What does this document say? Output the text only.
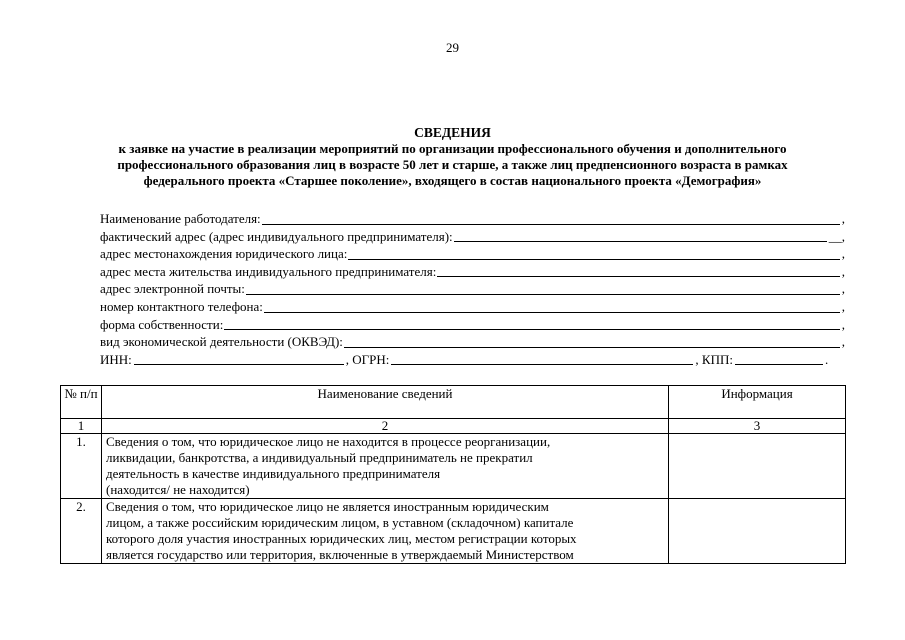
29
СВЕДЕНИЯ
к заявке на участие в реализации мероприятий по организации профессионального обучения и дополнительного
профессионального образования лиц в возрасте 50 лет и старше, а также лиц предпенсионного возраста в рамках
федерального проекта «Старшее поколение», входящего в состав национального проекта «Демография»
Наименование работодателя:	,
фактический адрес (адрес индивидуального предпринимателя):	__,
адрес местонахождения юридического лица:	,
адрес места жительства индивидуального предпринимателя:	,
адрес электронной почты:	,
номер контактного телефона:	,
форма собственности:	,
вид экономической деятельности (ОКВЭД):	,
ИНН:	, ОГРН:	, КПП:	.
№ п/п	Наименование сведений	Информация
1	2	3
1.	Сведения о том, что юридическое лицо не находится в процессе реорганизации,
ликвидации, банкротства, а индивидуальный предприниматель не прекратил
деятельность в качестве индивидуального предпринимателя
(находится/ не находится)	

2.	Сведения о том, что юридическое лицо не является иностранным юридическим
лицом, а также российским юридическим лицом, в уставном (складочном) капитале
которого доля участия иностранных юридических лиц, местом регистрации которых
является государство или территория, включенные в утверждаемый Министерством	
